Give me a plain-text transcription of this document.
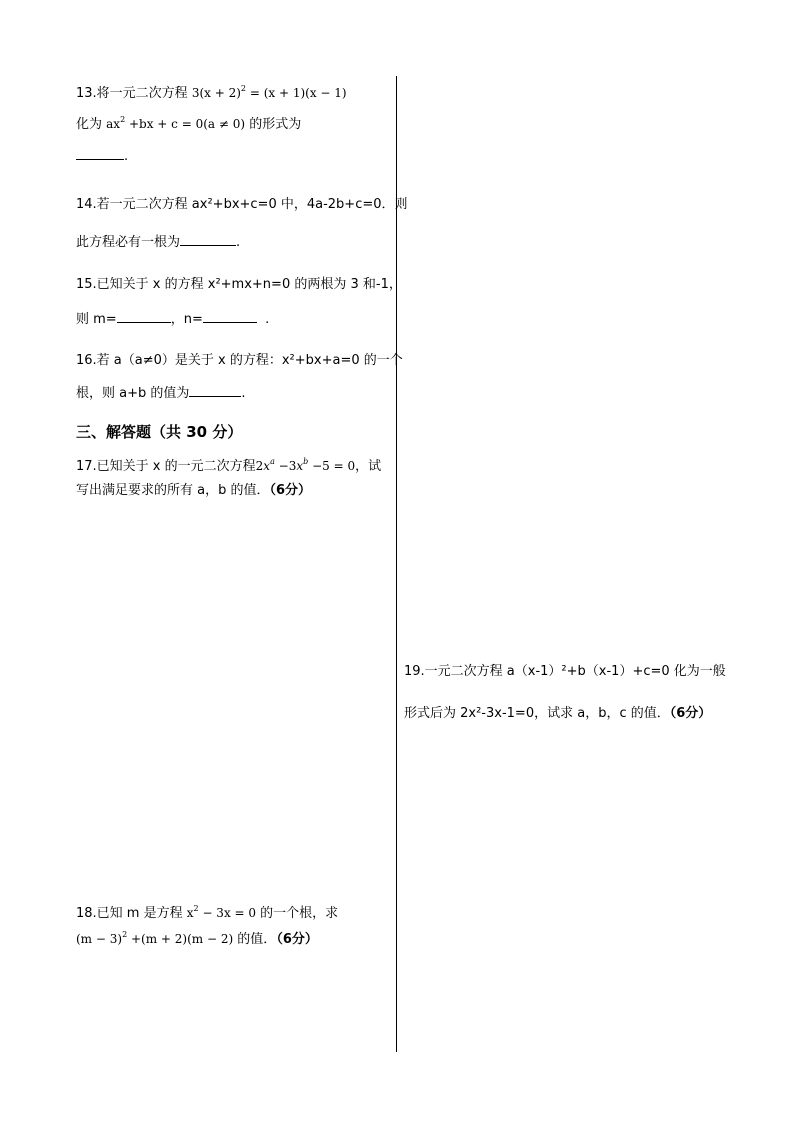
13.将一元二次方程 $3(x + 2)^2 = (x + 1)(x - 1)$
化为 $ax^2 +bx + c = 0(a \ne 0)$ 的形式为
.
14.若一元二次方程 ax²+bx+c=0 中，4a-2b+c=0．则
此方程必有一根为	.
15.已知关于 x 的方程 x²+mx+n=0 的两根为 3 和-1，
则 m=	，n=	.
16.若 a（a≠0）是关于 x 的方程：x²+bx+a=0 的一个
根，则 a+b 的值为	.
三、解答题（共 30 分）
17.已知关于 x 的一元二次方程$2x^a -3x^b -5 = 0$，试
写出满足要求的所有 a，b 的值．（6分）
18.已知 m 是方程 $x^2 - 3x = 0$ 的一个根，求
$(m - 3)^2 +(m + 2)(m - 2)$ 的值．（6分）
19.一元二次方程 a（x-1）²+b（x-1）+c=0 化为一般
形式后为 2x²-3x-1=0，试求 a，b，c 的值．（6分）
